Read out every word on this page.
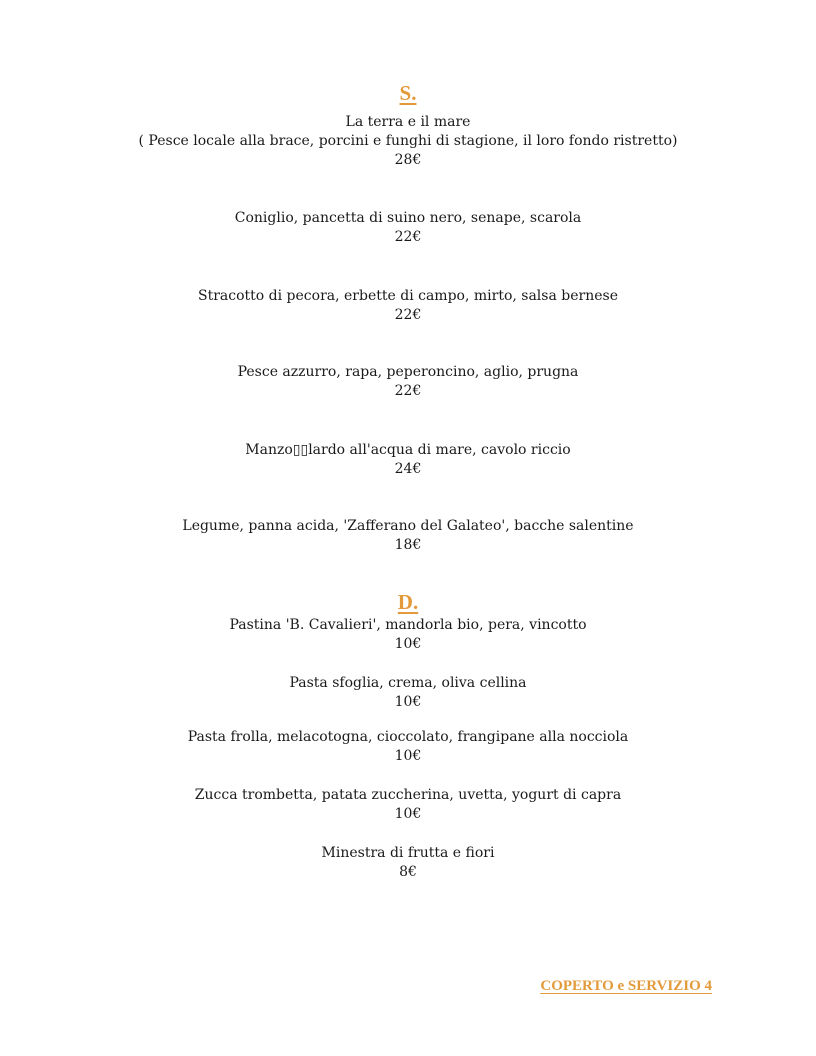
S.
La terra e il mare
( Pesce locale alla brace, porcini e funghi di stagione, il loro fondo ristretto)
28€
Coniglio, pancetta di suino nero, senape, scarola
22€
Stracotto di pecora, erbette di campo, mirto, salsa bernese
22€
Pesce azzurro, rapa, peperoncino, aglio, prugna
22€
Manzo▯▯lardo all'acqua di mare, cavolo riccio
24€
Legume, panna acida, 'Zafferano del Galateo', bacche salentine
18€
D.
Pastina 'B. Cavalieri', mandorla bio, pera, vincotto
10€
Pasta sfoglia, crema, oliva cellina
10€
Pasta frolla, melacotogna, cioccolato, frangipane alla nocciola
10€
Zucca trombetta, patata zuccherina, uvetta, yogurt di capra
10€
Minestra di frutta e fiori
8€
COPERTO e SERVIZIO 4
